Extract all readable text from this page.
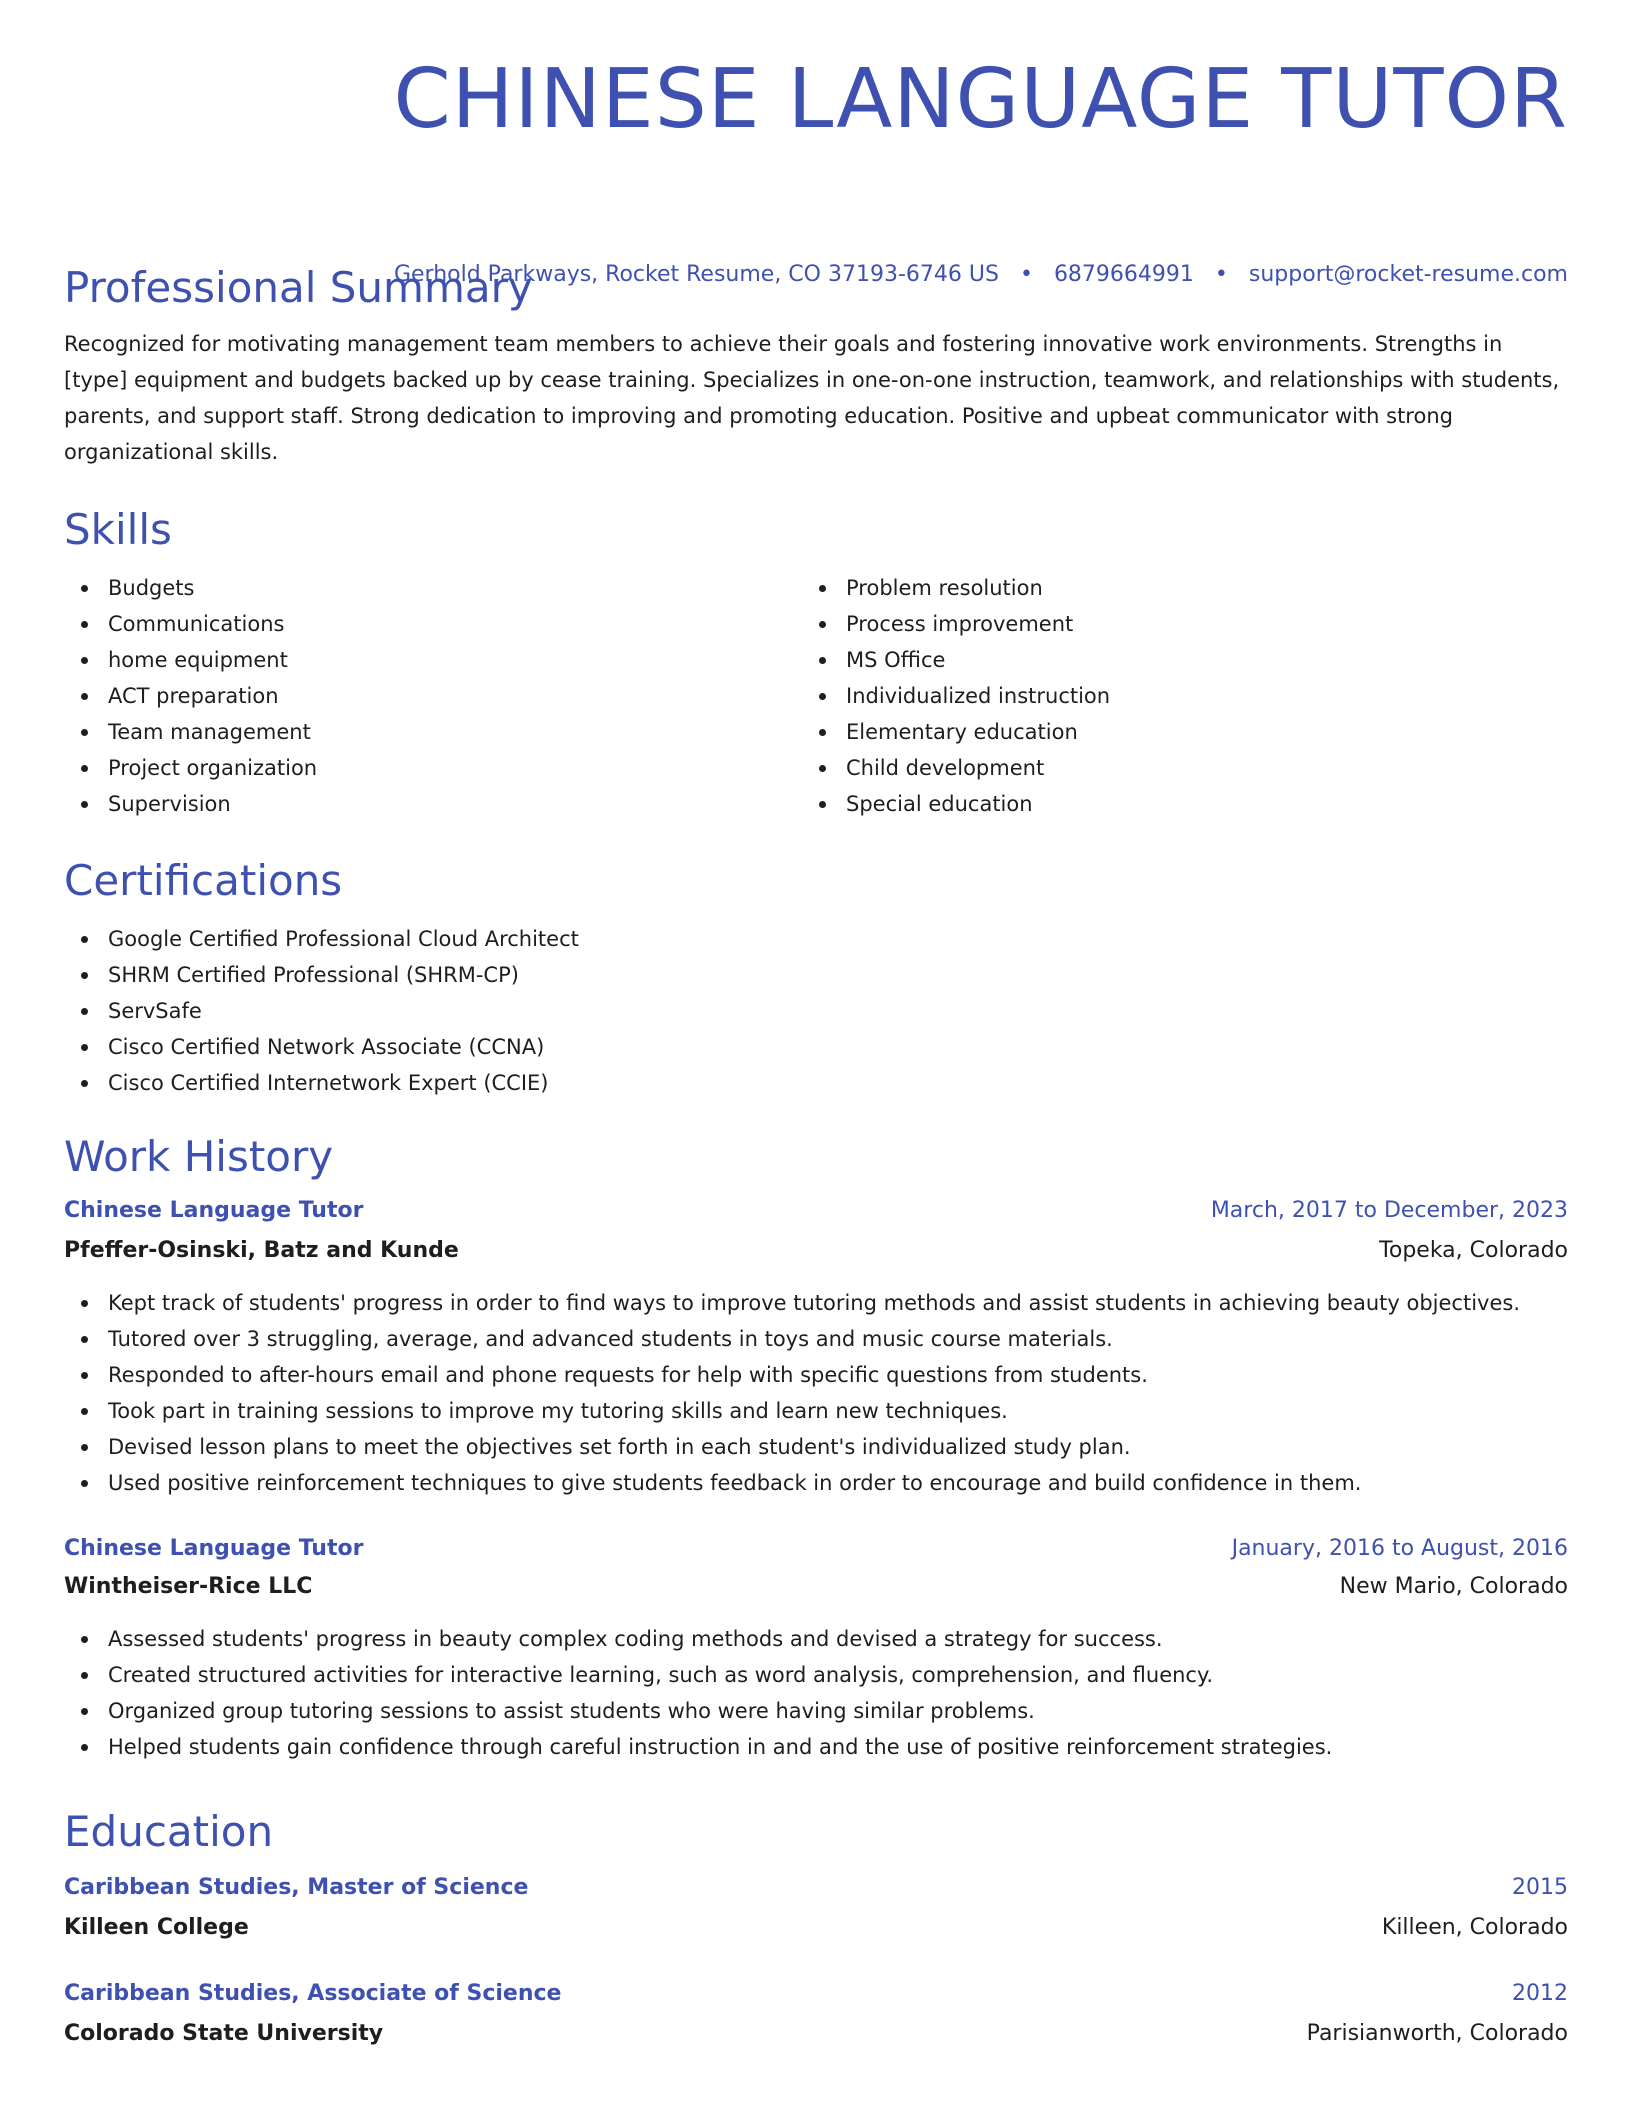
CHINESE LANGUAGE TUTOR
Gerhold Parkways, Rocket Resume, CO 37193-6746 US • 6879664991 • support@rocket-resume.com
Professional Summary

Recognized for motivating management team members to achieve their goals and fostering innovative work environments. Strengths in [type] equipment and budgets backed up by cease training. Specializes in one-on-one instruction, teamwork, and relationships with students, parents, and support staff. Strong dedication to improving and promoting education. Positive and upbeat communicator with strong organizational skills.

Skills
Budgets
Communications
home equipment
ACT preparation
Team management
Project organization
Supervision
Problem resolution
Process improvement
MS Office
Individualized instruction
Elementary education
Child development
Special education
Certifications
Google Certified Professional Cloud Architect
SHRM Certified Professional (SHRM-CP)
ServSafe
Cisco Certified Network Associate (CCNA)
Cisco Certified Internetwork Expert (CCIE)
Work History
Chinese Language Tutor	March, 2017 to December, 2023
Pfeffer-Osinski, Batz and Kunde	Topeka, Colorado
Kept track of students' progress in order to find ways to improve tutoring methods and assist students in achieving beauty objectives.
Tutored over 3 struggling, average, and advanced students in toys and music course materials.
Responded to after-hours email and phone requests for help with specific questions from students.
Took part in training sessions to improve my tutoring skills and learn new techniques.
Devised lesson plans to meet the objectives set forth in each student's individualized study plan.
Used positive reinforcement techniques to give students feedback in order to encourage and build confidence in them.
Chinese Language Tutor	January, 2016 to August, 2016
Wintheiser-Rice LLC	New Mario, Colorado
Assessed students' progress in beauty complex coding methods and devised a strategy for success.
Created structured activities for interactive learning, such as word analysis, comprehension, and fluency.
Organized group tutoring sessions to assist students who were having similar problems.
Helped students gain confidence through careful instruction in and and the use of positive reinforcement strategies.
Education
Caribbean Studies, Master of Science	2015
Killeen College	Killeen, Colorado
Caribbean Studies, Associate of Science	2012
Colorado State University	Parisianworth, Colorado
